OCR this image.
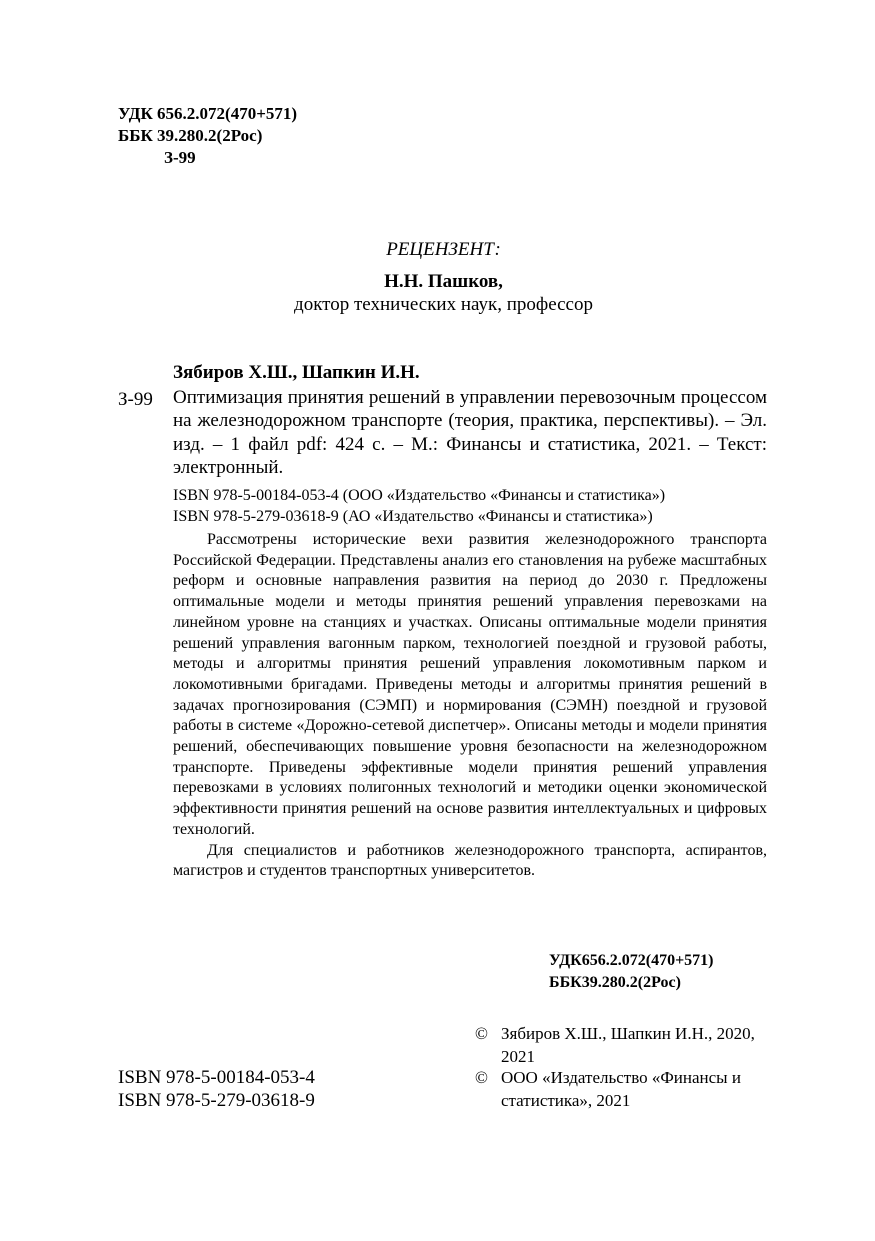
УДК 656.2.072(470+571)
ББК 39.280.2(2Рос)
З-99
РЕЦЕНЗЕНТ:
Н.Н. Пашков,
доктор технических наук, профессор
Зябиров Х.Ш., Шапкин И.Н.
З-99 Оптимизация принятия решений в управлении перевозочным процессом на железнодорожном транспорте (теория, практика, перспективы). – Эл. изд. – 1 файл pdf: 424 с. – М.: Финансы и статистика, 2021. – Текст: электронный.
ISBN 978-5-00184-053-4 (ООО «Издательство «Финансы и статистика»)
ISBN 978-5-279-03618-9 (АО «Издательство «Финансы и статистика»)

Рассмотрены исторические вехи развития железнодорожного транспорта Российской Федерации. Представлены анализ его становления на рубеже масштабных реформ и основные направления развития на период до 2030 г. Предложены оптимальные модели и методы принятия решений управления перевозками на линейном уровне на станциях и участках. Описаны оптимальные модели принятия решений управления вагонным парком, технологией поездной и грузовой работы, методы и алгоритмы принятия решений управления локомотивным парком и локомотивными бригадами. Приведены методы и алгоритмы принятия решений в задачах прогнозирования (СЭМП) и нормирования (СЭМН) поездной и грузовой работы в системе «Дорожно-сетевой диспетчер». Описаны методы и модели принятия решений, обеспечивающих повышение уровня безопасности на железнодорожном транспорте. Приведены эффективные модели принятия решений управления перевозками в условиях полигонных технологий и методики оценки экономической эффективности принятия решений на основе развития интеллектуальных и цифровых технологий.

Для специалистов и работников железнодорожного транспорта, аспирантов, магистров и студентов транспортных университетов.

УДК656.2.072(470+571)
ББК39.280.2(2Рос)
© Зябиров Х.Ш., Шапкин И.Н., 2020, 2021
© ООО «Издательство «Финансы и статистика», 2021
ISBN 978-5-00184-053-4
ISBN 978-5-279-03618-9
